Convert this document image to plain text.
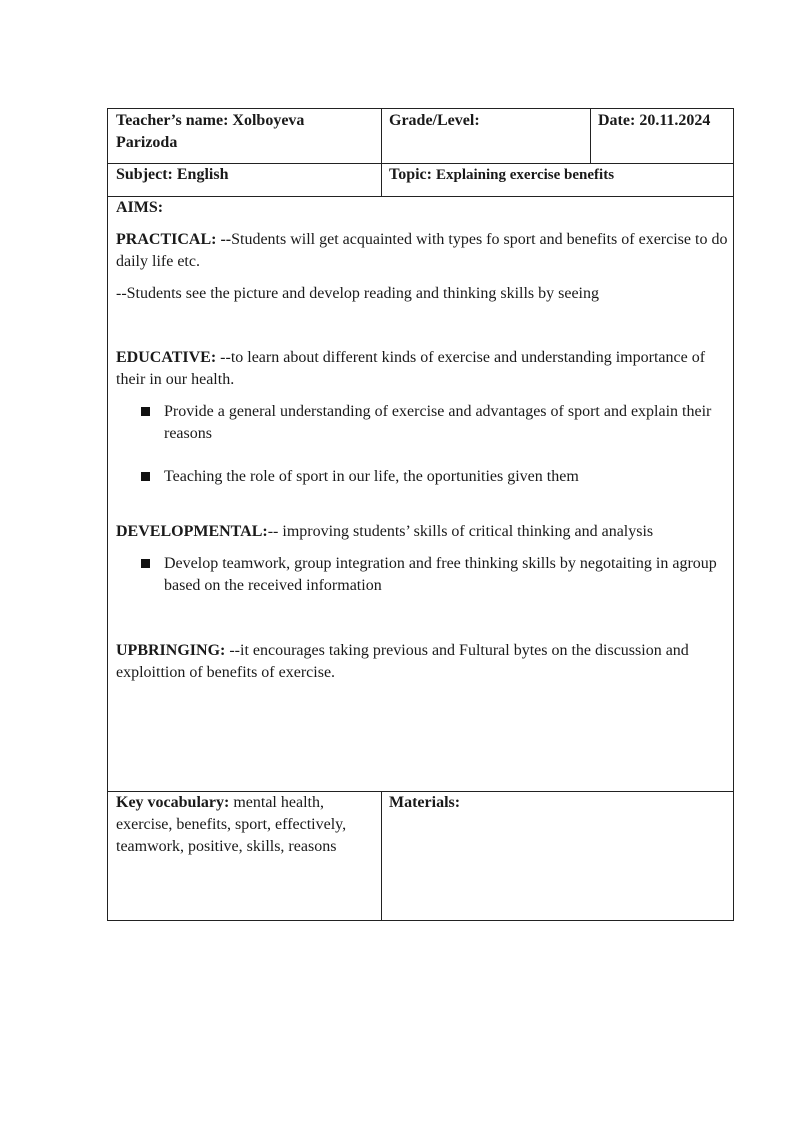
Teacher’s name: Xolboyeva
Parizoda
Grade/Level:	Date: 20.11.2024
Subject: English	Topic: Explaining exercise benefits

AIMS:

PRACTICAL: --Students will get acquainted with types fo sport and benefits of exercise to do daily life etc.

--Students see the picture and develop reading and thinking skills by seeing

EDUCATIVE: --to learn about different kinds of exercise and understanding importance of their in our health.

Provide a general understanding of exercise and advantages of sport and explain their reasons
Teaching the role of sport in our life, the oportunities given them

DEVELOPMENTAL:-- improving students’ skills of critical thinking and analysis

Develop teamwork, group integration and free thinking skills by negotaiting in agroup based on the received information

UPBRINGING: --it encourages taking previous and Fultural bytes on the discussion and exploittion of benefits of exercise.

Key vocabulary: mental health, exercise, benefits, sport, effectively, teamwork, positive, skills, reasons
Materials:
